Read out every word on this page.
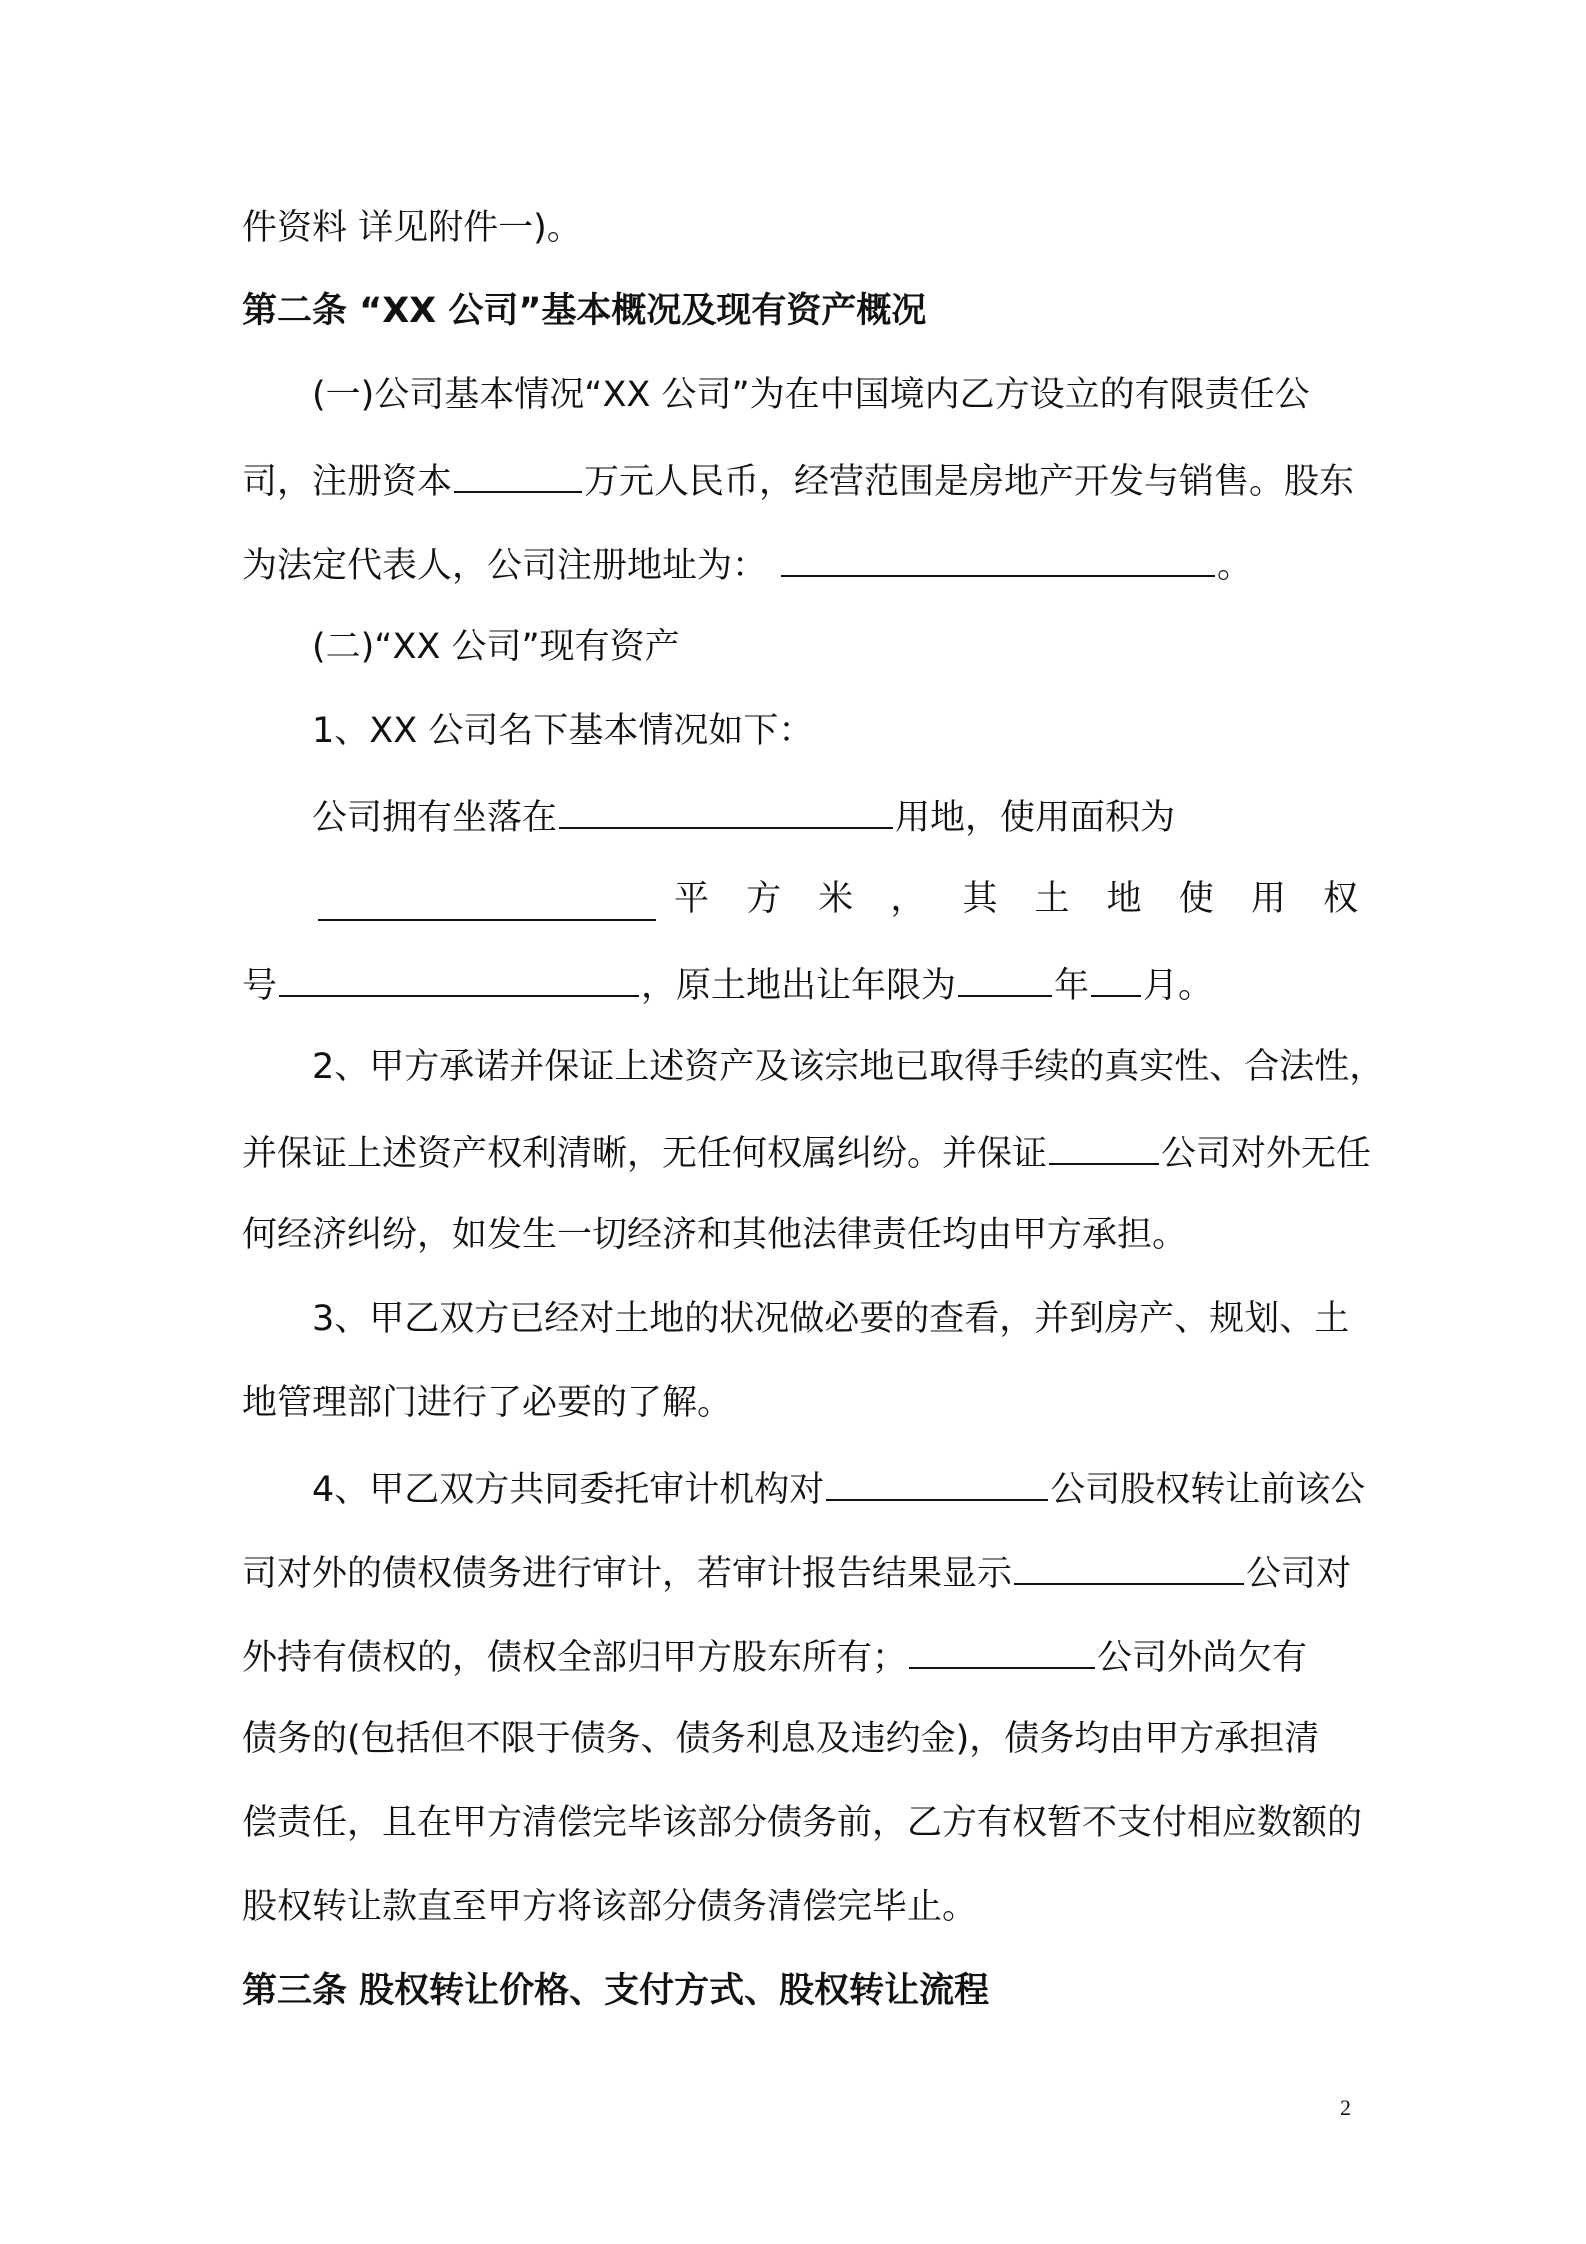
件资料 详见附件一)。
第二条 “XX 公司”基本概况及现有资产概况
(一)公司基本情况“XX 公司”为在中国境内乙方设立的有限责任公
司，注册资本	万元人民币，经营范围是房地产开发与销售。股东
为法定代表人，公司注册地址为：	。
(二)“XX 公司”现有资产
1、XX 公司名下基本情况如下：
公司拥有坐落在	用地，使用面积为
平 方 米 ， 其 土 地 使 用 权
号	，原土地出让年限为	年 月。
2、甲方承诺并保证上述资产及该宗地已取得手续的真实性、合法性，
并保证上述资产权利清晰，无任何权属纠纷。并保证	公司对外无任
何经济纠纷，如发生一切经济和其他法律责任均由甲方承担。
3、甲乙双方已经对土地的状况做必要的查看，并到房产、规划、土
地管理部门进行了必要的了解。
4、甲乙双方共同委托审计机构对	公司股权转让前该公
司对外的债权债务进行审计，若审计报告结果显示	公司对
外持有债权的，债权全部归甲方股东所有；	公司外尚欠有
债务的(包括但不限于债务、债务利息及违约金)，债务均由甲方承担清
偿责任，且在甲方清偿完毕该部分债务前，乙方有权暂不支付相应数额的
股权转让款直至甲方将该部分债务清偿完毕止。
第三条 股权转让价格、支付方式、股权转让流程
2
